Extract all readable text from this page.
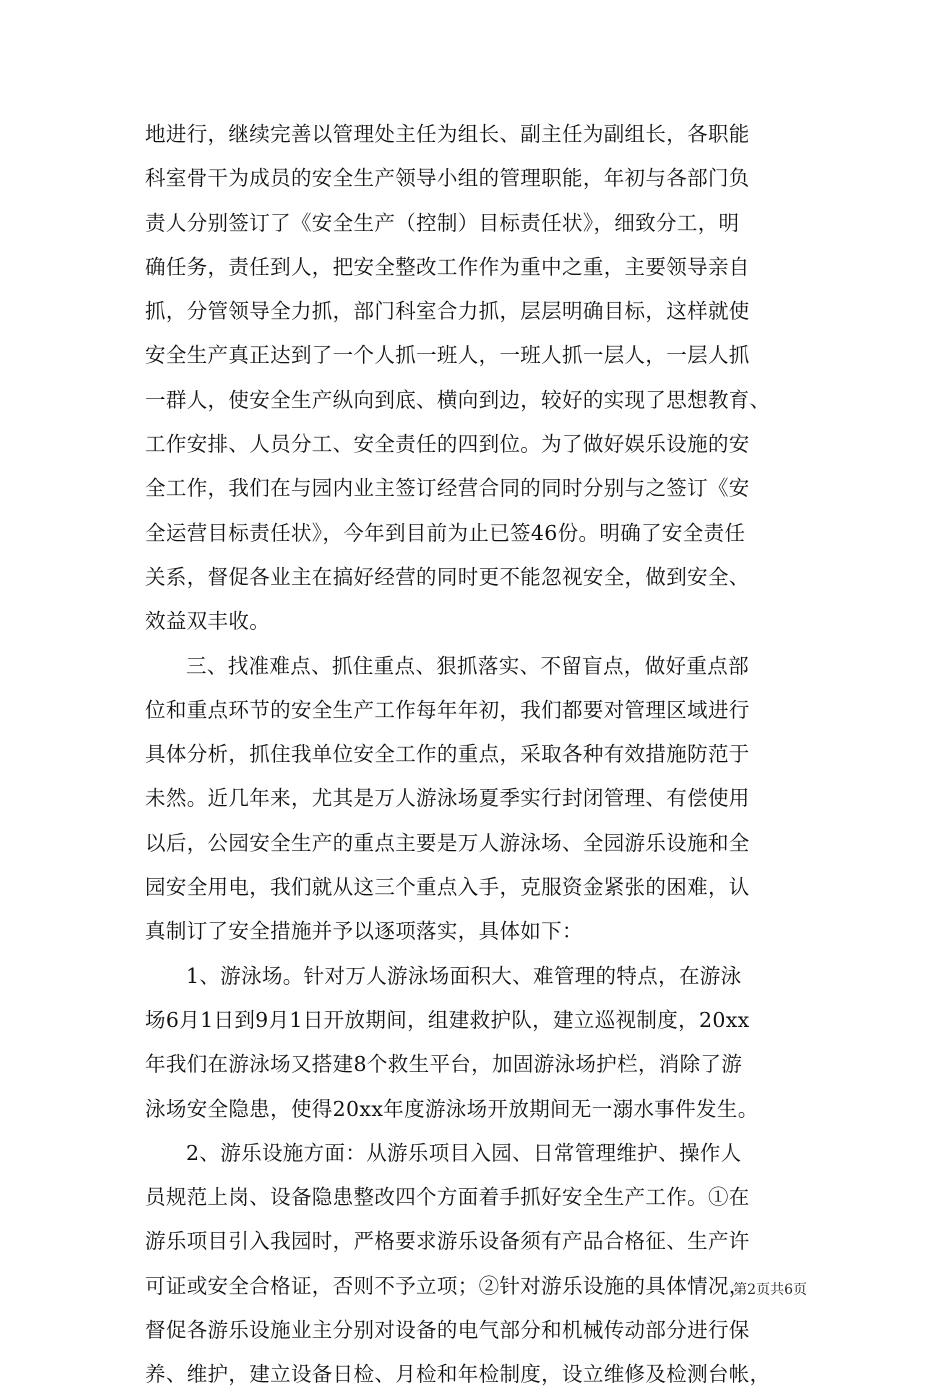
地进行，继续完善以管理处主任为组长、副主任为副组长，各职能
科室骨干为成员的安全生产领导小组的管理职能，年初与各部门负
责人分别签订了《安全生产（控制）目标责任状》，细致分工，明
确任务，责任到人，把安全整改工作作为重中之重，主要领导亲自
抓，分管领导全力抓，部门科室合力抓，层层明确目标，这样就使
安全生产真正达到了一个人抓一班人，一班人抓一层人，一层人抓
一群人，使安全生产纵向到底、横向到边，较好的实现了思想教育、
工作安排、人员分工、安全责任的四到位。为了做好娱乐设施的安
全工作，我们在与园内业主签订经营合同的同时分别与之签订《安
全运营目标责任状》，今年到目前为止已签46份。明确了安全责任
关系，督促各业主在搞好经营的同时更不能忽视安全，做到安全、
效益双丰收。
三、找准难点、抓住重点、狠抓落实、不留盲点，做好重点部
位和重点环节的安全生产工作每年年初，我们都要对管理区域进行
具体分析，抓住我单位安全工作的重点，采取各种有效措施防范于
未然。近几年来，尤其是万人游泳场夏季实行封闭管理、有偿使用
以后，公园安全生产的重点主要是万人游泳场、全园游乐设施和全
园安全用电，我们就从这三个重点入手，克服资金紧张的困难，认
真制订了安全措施并予以逐项落实，具体如下：
1、游泳场。针对万人游泳场面积大、难管理的特点，在游泳
场6月1日到9月1日开放期间，组建救护队，建立巡视制度，20xx
年我们在游泳场又搭建8个救生平台，加固游泳场护栏，消除了游
泳场安全隐患，使得20xx年度游泳场开放期间无一溺水事件发生。
2、游乐设施方面：从游乐项目入园、日常管理维护、操作人
员规范上岗、设备隐患整改四个方面着手抓好安全生产工作。①在
游乐项目引入我园时，严格要求游乐设备须有产品合格征、生产许
可证或安全合格证，否则不予立项；②针对游乐设施的具体情况，
督促各游乐设施业主分别对设备的电气部分和机械传动部分进行保
养、维护，建立设备日检、月检和年检制度，设立维修及检测台帐，
第2页共6页
